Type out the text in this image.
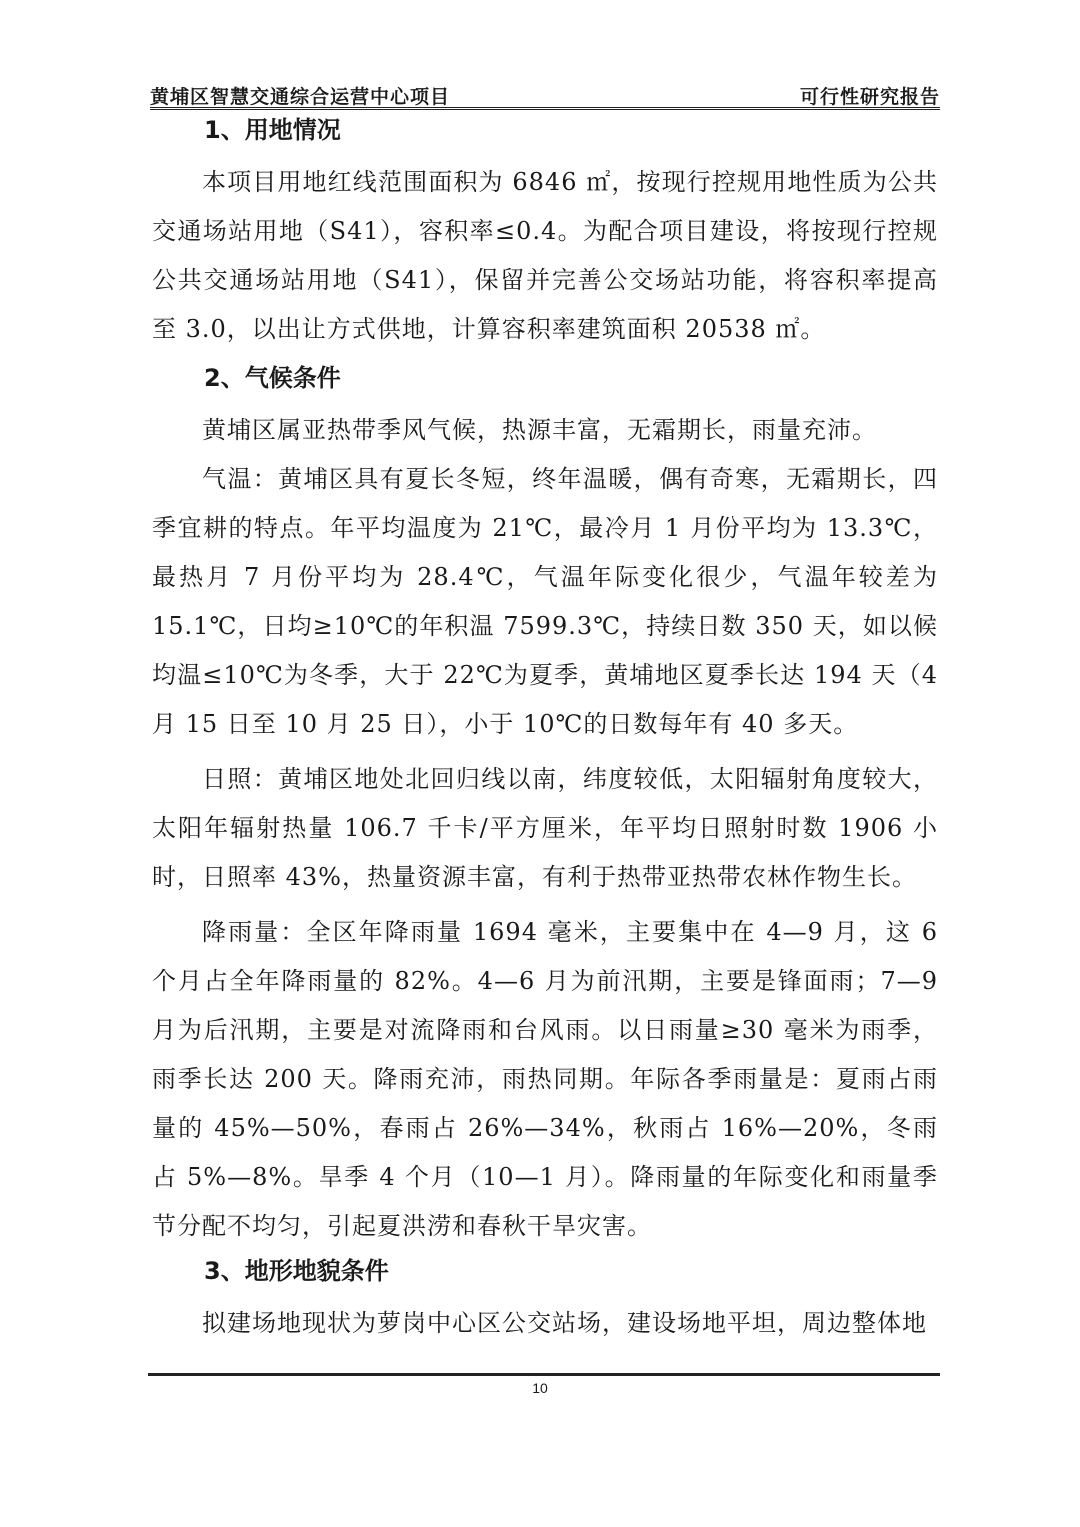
黄埔区智慧交通综合运营中心项目	可行性研究报告
1、用地情况

本项目用地红线范围面积为 6846 ㎡，按现行控规用地性质为公共交通场站用地（S41），容积率≤0.4。为配合项目建设，将按现行控规公共交通场站用地（S41），保留并完善公交场站功能，将容积率提高至 3.0，以出让方式供地，计算容积率建筑面积 20538 ㎡。

2、气候条件

黄埔区属亚热带季风气候，热源丰富，无霜期长，雨量充沛。

气温：黄埔区具有夏长冬短，终年温暖，偶有奇寒，无霜期长，四季宜耕的特点。年平均温度为 21℃，最冷月 1 月份平均为 13.3℃，最热月 7 月份平均为 28.4℃，气温年际变化很少，气温年较差为 15.1℃，日均≥10℃的年积温 7599.3℃，持续日数 350 天，如以候均温≤10℃为冬季，大于 22℃为夏季，黄埔地区夏季长达 194 天（4 月 15 日至 10 月 25 日），小于 10℃的日数每年有 40 多天。

日照：黄埔区地处北回归线以南，纬度较低，太阳辐射角度较大，太阳年辐射热量 106.7 千卡/平方厘米，年平均日照射时数 1906 小时，日照率 43%，热量资源丰富，有利于热带亚热带农林作物生长。

降雨量：全区年降雨量 1694 毫米，主要集中在 4—9 月，这 6 个月占全年降雨量的 82%。4—6 月为前汛期，主要是锋面雨；7—9 月为后汛期，主要是对流降雨和台风雨。以日雨量≥30 毫米为雨季，雨季长达 200 天。降雨充沛，雨热同期。年际各季雨量是：夏雨占雨量的 45%—50%，春雨占 26%—34%，秋雨占 16%—20%，冬雨占 5%—8%。旱季 4 个月（10—1 月）。降雨量的年际变化和雨量季节分配不均匀，引起夏洪涝和春秋干旱灾害。

3、地形地貌条件

拟建场地现状为萝岗中心区公交站场，建设场地平坦，周边整体地

10
